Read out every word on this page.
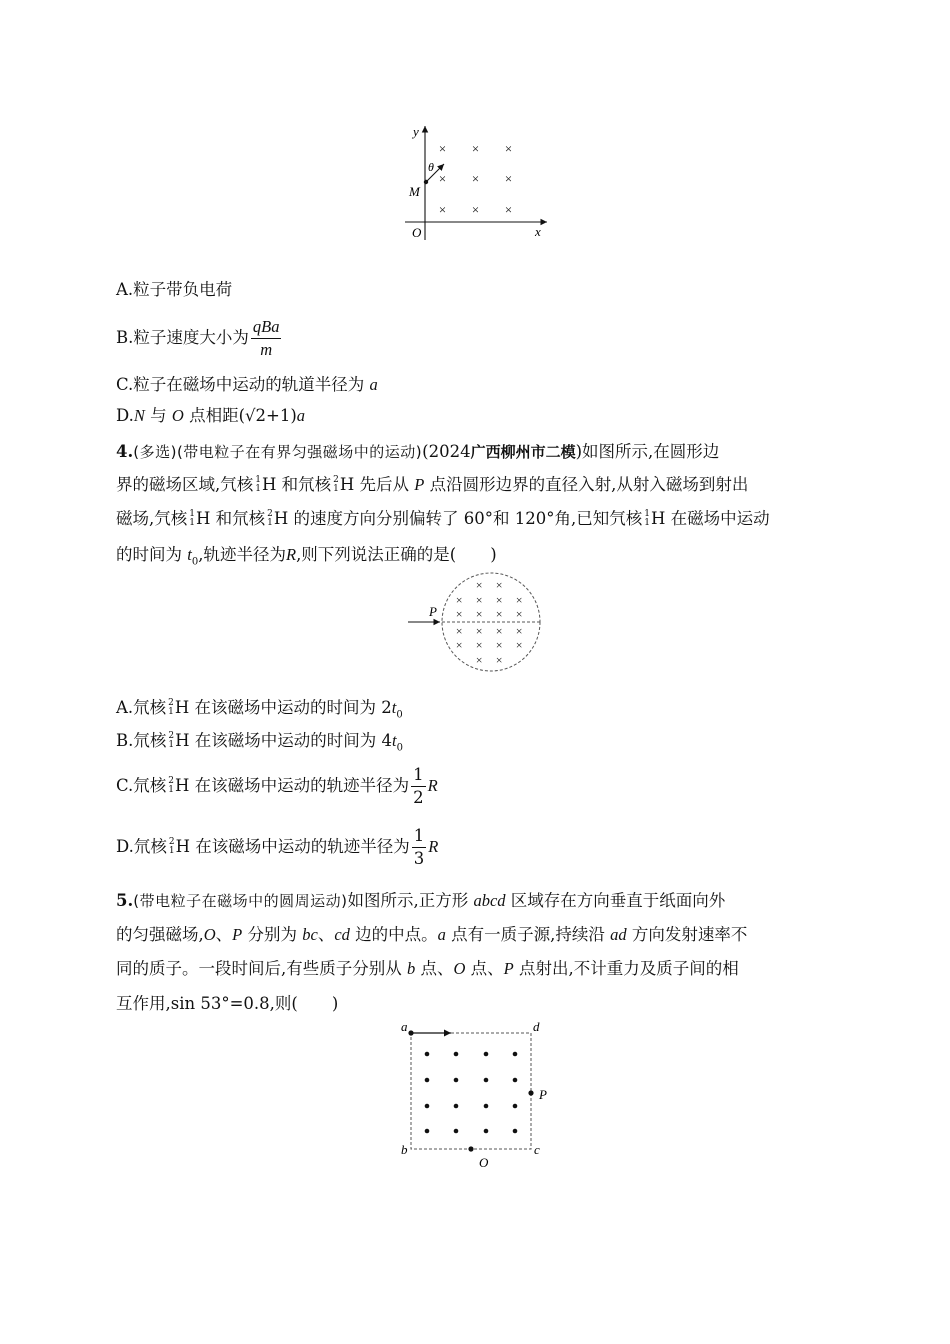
y
x
O
M
θ
× × ×
× × ×
× × ×
A.粒子带负电荷
B.粒子速度大小为 $\frac{\text{qBa}}{m}$
C.粒子在磁场中运动的轨道半径为 a
D.N 与 O 点相距(√2+1)a
4.(多选)(带电粒子在有界匀强磁场中的运动)(2024广西柳州市二模)如图所示,在圆形边
界的磁场区域,氕核 1
1 H 和氘核 2
1 H 先后从 P 点沿圆形边界的直径入射,从射入磁场到射出
磁场,氕核 1
1 H 和氘核 2
1 H 的速度方向分别偏转了 60°和 120°角,已知氕核 1
1 H 在磁场中运动
的时间为 $t_0$,轨迹半径为R,则下列说法正确的是( )
P
× ×
× × × ×
× × × ×
× × × ×
× × × ×
× ×
A.氘核 2
1 H 在该磁场中运动的时间为 $2t_0$
B.氘核 2
1 H 在该磁场中运动的时间为 $4t_0$
C.氘核 2
1 H 在该磁场中运动的轨迹半径为 $\frac{1}{2}$ R
D.氘核 2
1 H 在该磁场中运动的轨迹半径为 $\frac{1}{3}$ R
5.(带电粒子在磁场中的圆周运动)如图所示,正方形 abcd 区域存在方向垂直于纸面向外
的匀强磁场,O、P 分别为 bc、cd 边的中点。a 点有一质子源,持续沿 ad 方向发射速率不
同的质子。一段时间后,有些质子分别从 b 点、O 点、P 点射出,不计重力及质子间的相
互作用,sin 53°=0.8,则( )
a	d
b	c
O
P
